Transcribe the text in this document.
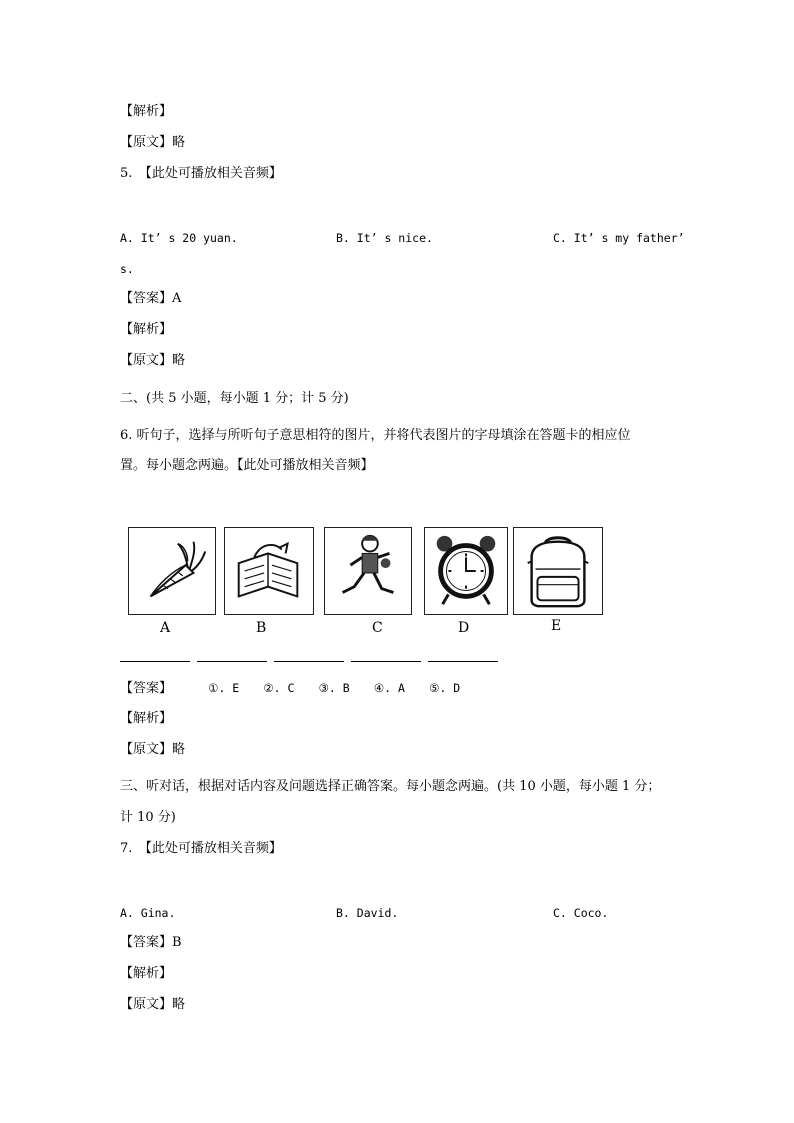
【解析】
【原文】略
5.　【此处可播放相关音频】
A. It’ s 20 yuan.	B. It’ s nice.	C. It’ s my father’
s.
【答案】A
【解析】
【原文】略
二、(共 5 小题，每小题 1 分；计 5 分)
6. 听句子，选择与所听句子意思相符的图片，并将代表图片的字母填涂在答题卡的相应位
置。每小题念两遍。【此处可播放相关音频】
A	B	C	D	E
【答案】	①. E ②. C ③. B ④. A ⑤. D
【解析】
【原文】略
三、听对话，根据对话内容及问题选择正确答案。每小题念两遍。(共 10 小题，每小题 1 分；
计 10 分)
7.　【此处可播放相关音频】
A. Gina.	B. David.	C. Coco.
【答案】B
【解析】
【原文】略
